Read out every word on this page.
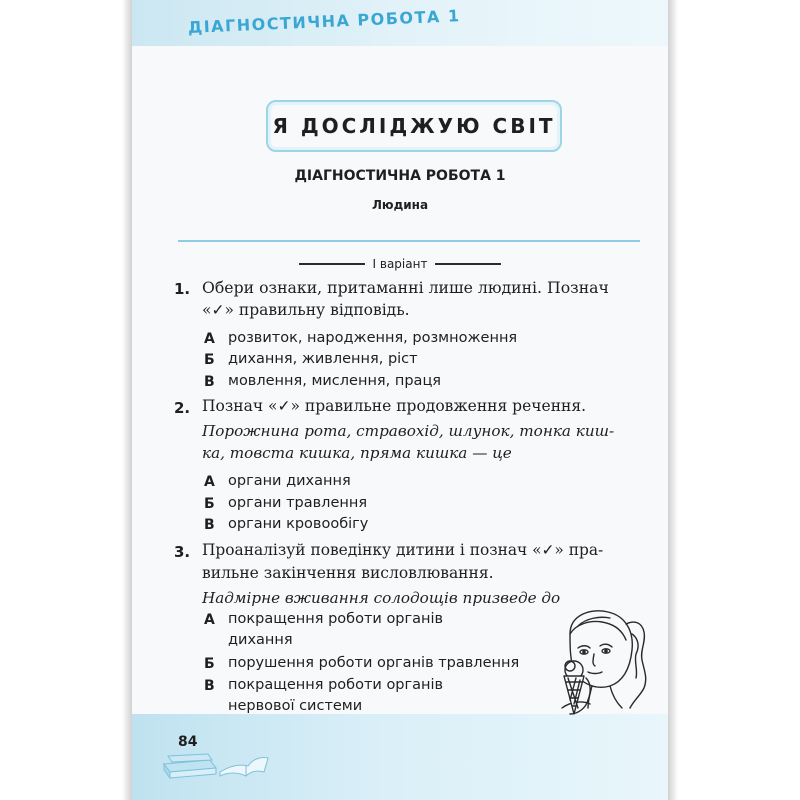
ДІАГНОСТИЧНА РОБОТА 1
Я ДОСЛІДЖУЮ СВІТ
ДІАГНОСТИЧНА РОБОТА 1
Людина
І варіант
1. Обери ознаки, притаманні лише людині. Познач
«✓» правильну відповідь.
А розвиток, народження, розмноження
Б дихання, живлення, ріст
В мовлення, мислення, праця
2. Познач «✓» правильне продовження речення.
Порожнина рота, стравохід, шлунок, тонка киш-
ка, товста кишка, пряма кишка — це
А органи дихання
Б органи травлення
В органи кровообігу
3. Проаналізуй поведінку дитини і познач «✓» пра-
вильне закінчення висловлювання.
Надмірне вживання солодощів призведе до
А покращення роботи органів
дихання
Б порушення роботи органів травлення
В покращення роботи органів
нервової системи
84
